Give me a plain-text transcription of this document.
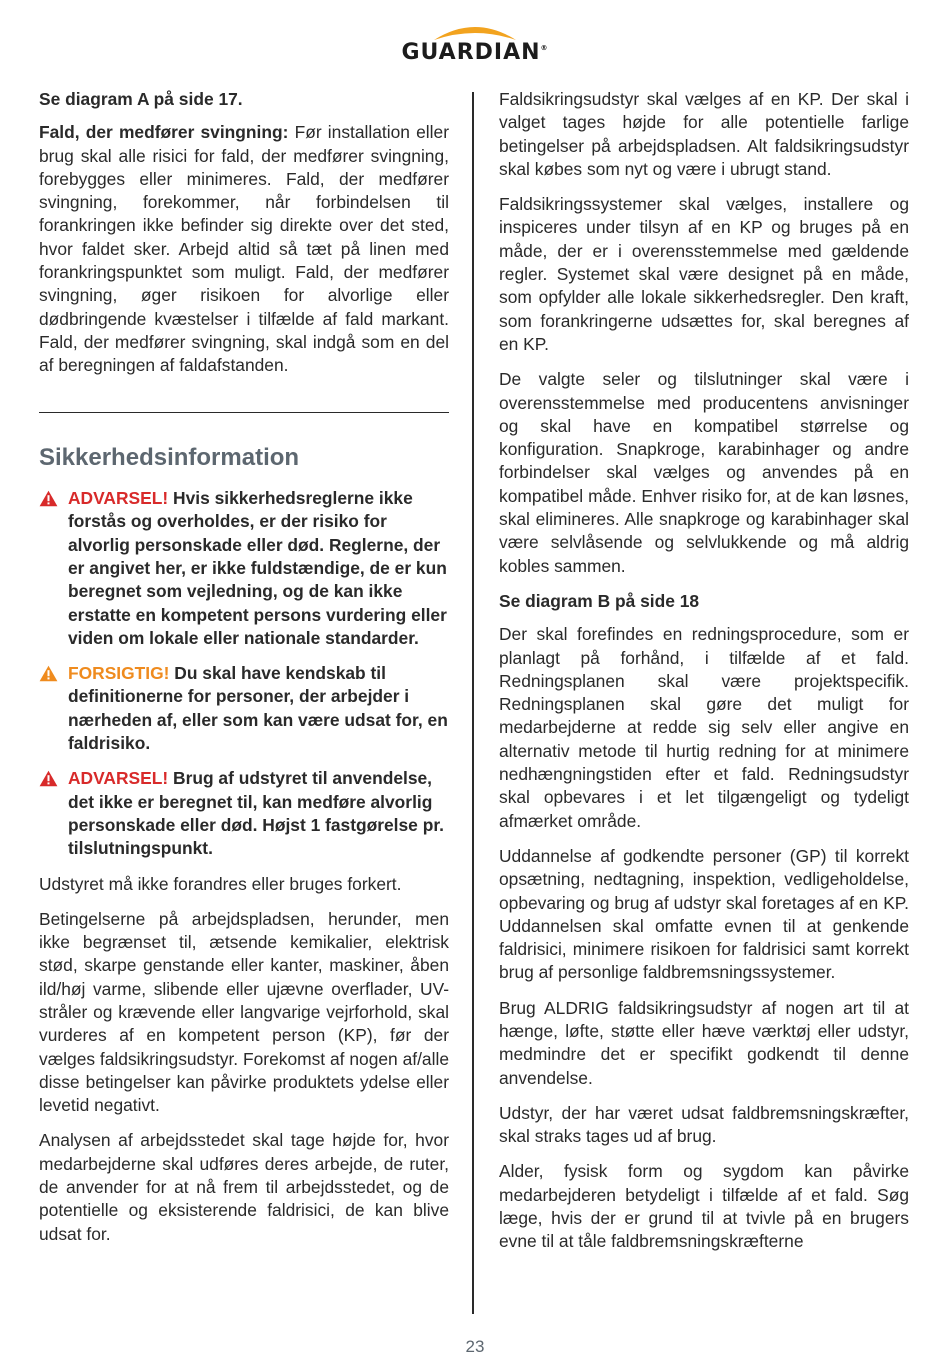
GUARDIAN®

Se diagram A på side 17.

Fald, der medfører svingning: Før installation eller brug skal alle risici for fald, der medfører svingning, forebygges eller minimeres. Fald, der medfører svingning, forekommer, når forbindelsen til forankringen ikke befinder sig direkte over det sted, hvor faldet sker. Arbejd altid så tæt på linen med forankringspunktet som muligt. Fald, der medfører svingning, øger risikoen for alvorlige eller dødbringende kvæstelser i tilfælde af fald markant. Fald, der medfører svingning, skal indgå som en del af beregningen af faldafstanden.

Sikkerhedsinformation

ADVARSEL! Hvis sikkerhedsreglerne ikke forstås og overholdes, er der risiko for alvorlig personskade eller død. Reglerne, der er angivet her, er ikke fuldstændige, de er kun beregnet som vejledning, og de kan ikke erstatte en kompetent persons vurdering eller viden om lokale eller nationale standarder.

FORSIGTIG! Du skal have kendskab til definitionerne for personer, der arbejder i nærheden af, eller som kan være udsat for, en faldrisiko.

ADVARSEL! Brug af udstyret til anvendelse, det ikke er beregnet til, kan medføre alvorlig personskade eller død. Højst 1 fastgørelse pr. tilslutningspunkt.

Udstyret må ikke forandres eller bruges forkert.

Betingelserne på arbejdspladsen, herunder, men ikke begrænset til, ætsende kemikalier, elektrisk stød, skarpe genstande eller kanter, maskiner, åben ild/høj varme, slibende eller ujævne overflader, UV-stråler og krævende eller langvarige vejrforhold, skal vurderes af en kompetent person (KP), før der vælges faldsikringsudstyr. Forekomst af nogen af/alle disse betingelser kan påvirke produktets ydelse eller levetid negativt.

Analysen af arbejdsstedet skal tage højde for, hvor medarbejderne skal udføres deres arbejde, de ruter, de anvender for at nå frem til arbejdsstedet, og de potentielle og eksisterende faldrisici, de kan blive udsat for.

Faldsikringsudstyr skal vælges af en KP. Der skal i valget tages højde for alle potentielle farlige betingelser på arbejdspladsen. Alt faldsikringsudstyr skal købes som nyt og være i ubrugt stand.

Faldsikringssystemer skal vælges, installere og inspiceres under tilsyn af en KP og bruges på en måde, der er i overensstemmelse med gældende regler. Systemet skal være designet på en måde, som opfylder alle lokale sikkerhedsregler. Den kraft, som forankringerne udsættes for, skal beregnes af en KP.

De valgte seler og tilslutninger skal være i overensstemmelse med producentens anvisninger og skal have en kompatibel størrelse og konfiguration. Snapkroge, karabinhager og andre forbindelser skal vælges og anvendes på en kompatibel måde. Enhver risiko for, at de kan løsnes, skal elimineres. Alle snapkroge og karabinhager skal være selvlåsende og selvlukkende og må aldrig kobles sammen.

Se diagram B på side 18

Der skal forefindes en redningsprocedure, som er planlagt på forhånd, i tilfælde af et fald. Redningsplanen skal være projektspecifik. Redningsplanen skal gøre det muligt for medarbejderne at redde sig selv eller angive en alternativ metode til hurtig redning for at minimere nedhængningstiden efter et fald. Redningsudstyr skal opbevares i et let tilgængeligt og tydeligt afmærket område.

Uddannelse af godkendte personer (GP) til korrekt opsætning, nedtagning, inspektion, vedligeholdelse, opbevaring og brug af udstyr skal foretages af en KP. Uddannelsen skal omfatte evnen til at genkende faldrisici, minimere risikoen for faldrisici samt korrekt brug af personlige faldbremsningssystemer.

Brug ALDRIG faldsikringsudstyr af nogen art til at hænge, løfte, støtte eller hæve værktøj eller udstyr, medmindre det er specifikt godkendt til denne anvendelse.

Udstyr, der har været udsat faldbremsningskræfter, skal straks tages ud af brug.

Alder, fysisk form og sygdom kan påvirke medarbejderen betydeligt i tilfælde af et fald. Søg læge, hvis der er grund til at tvivle på en brugers evne til at tåle faldbremsningskræfterne

23
